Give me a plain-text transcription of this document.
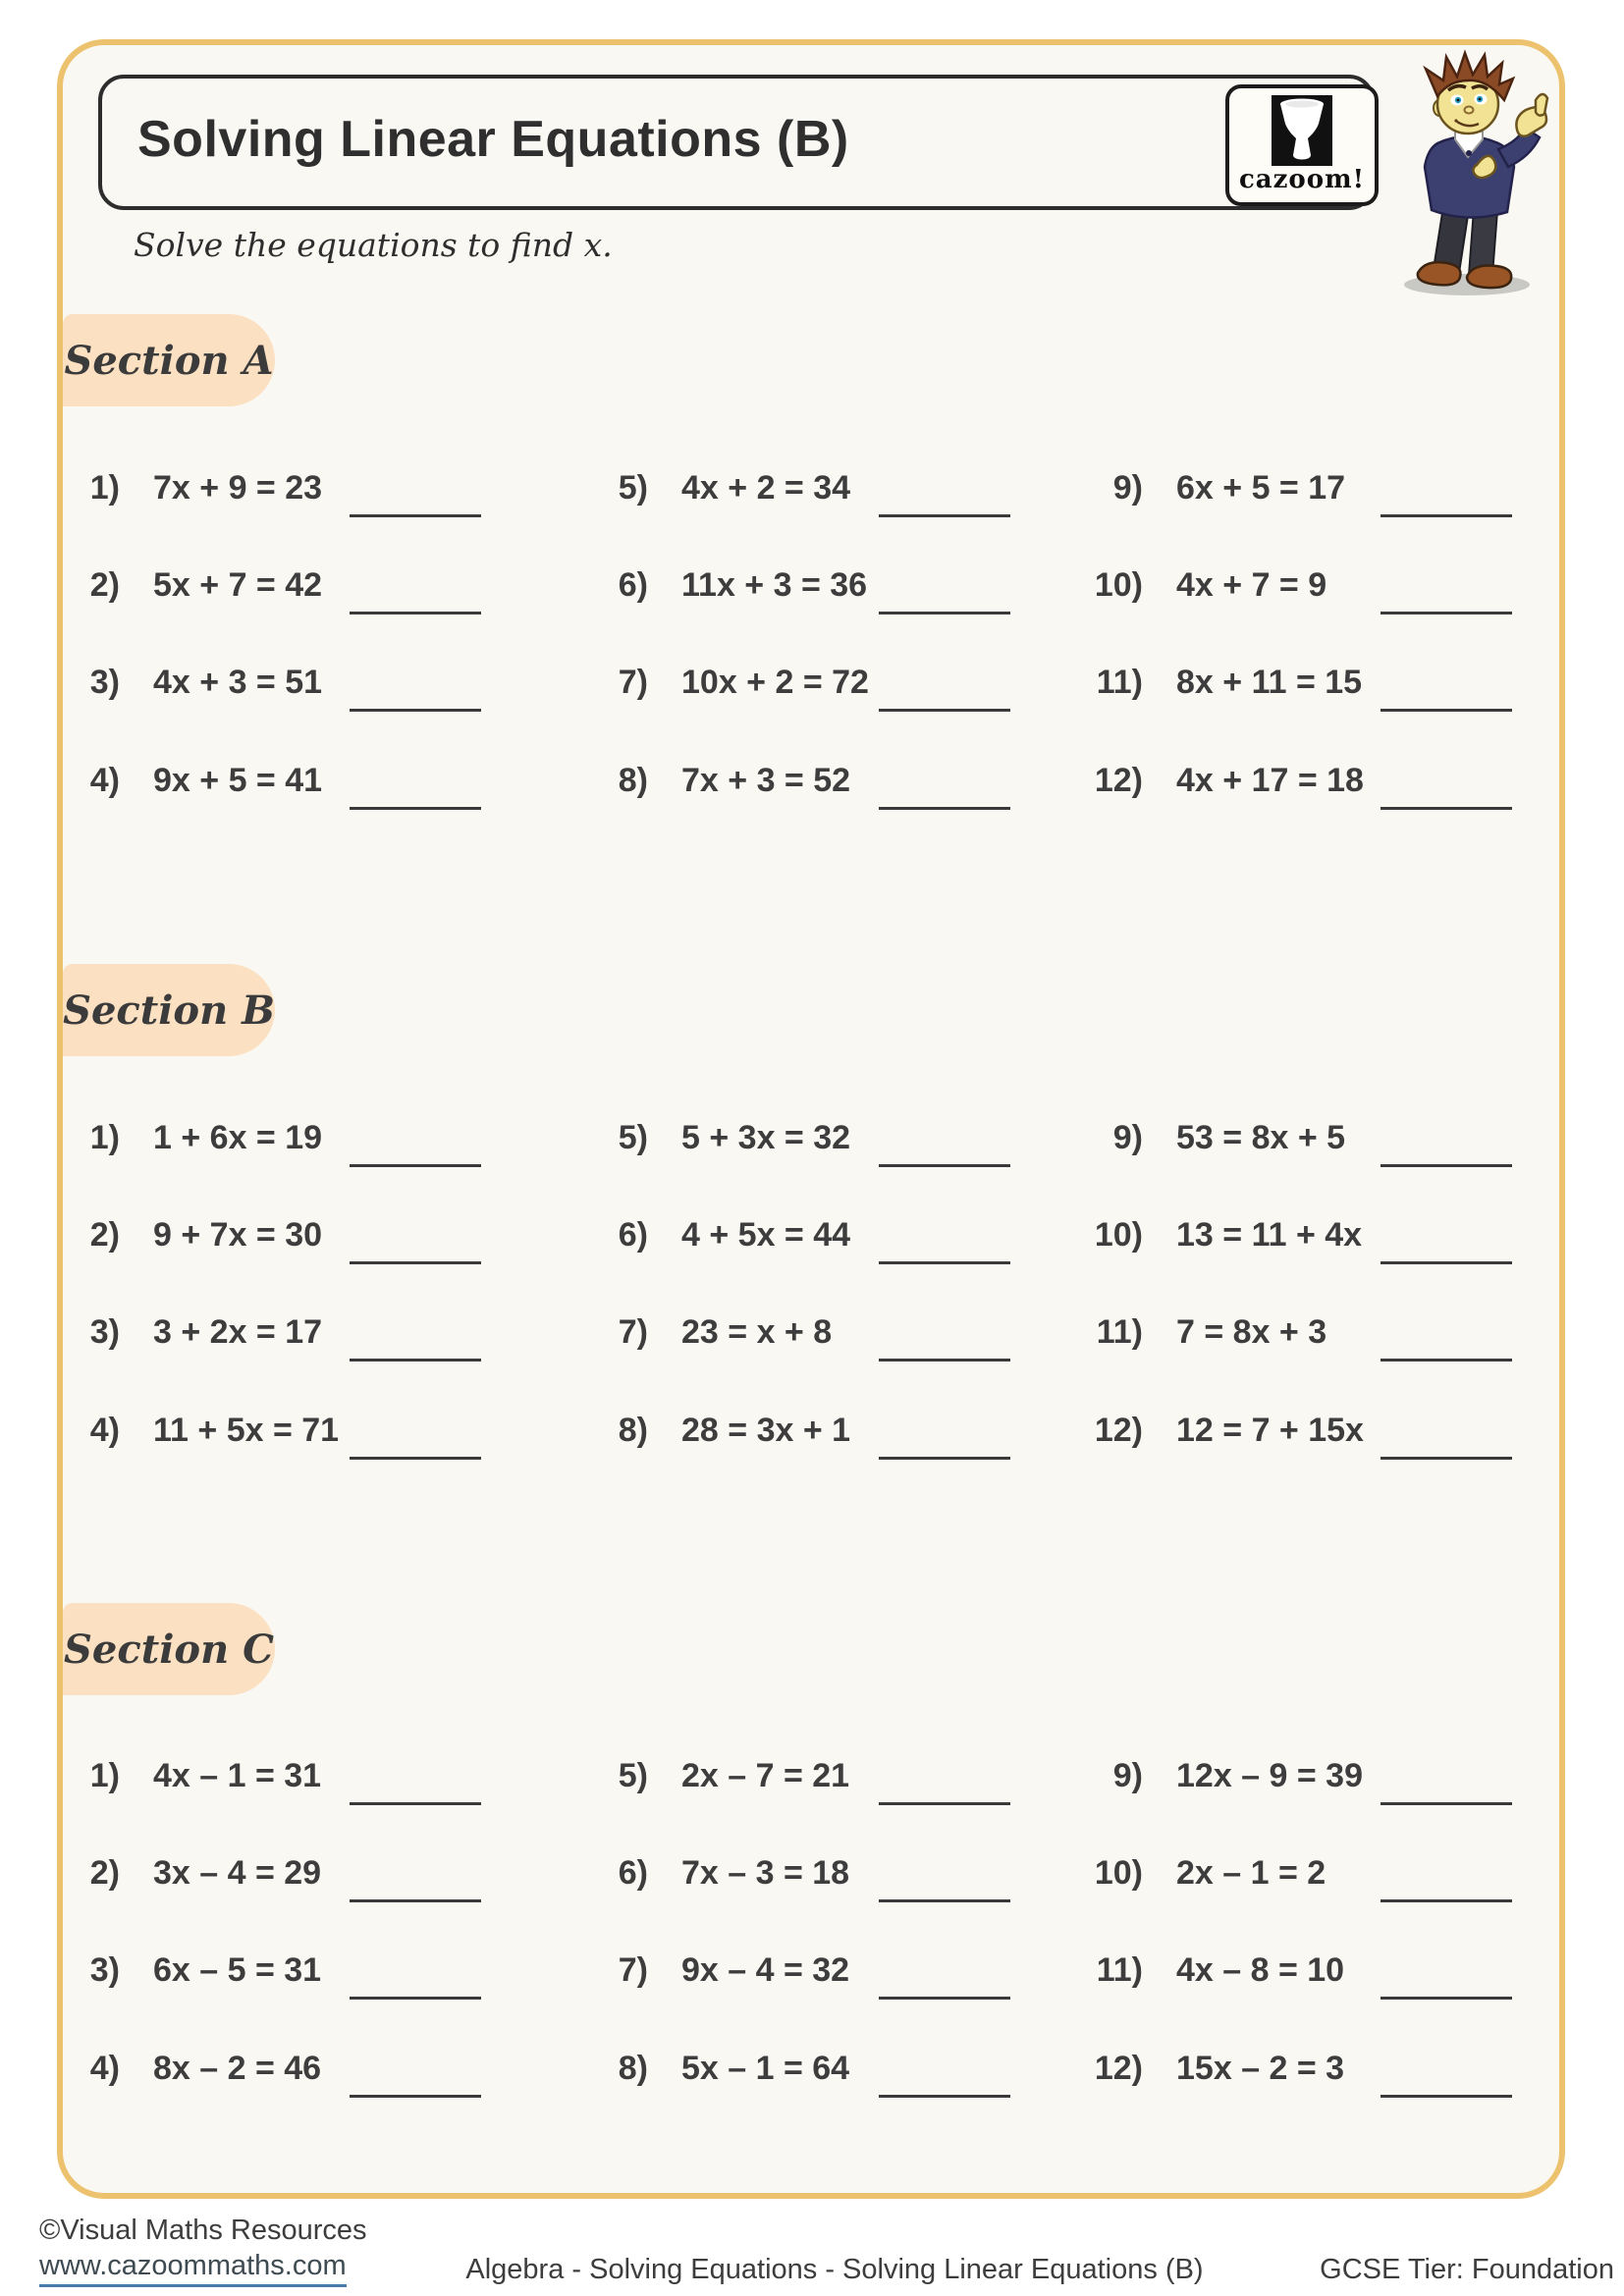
Solving Linear Equations (B)
cazoom!
Solve the equations to find x.
Section A
Section B
Section C
1) 7x + 9 = 23
2) 5x + 7 = 42
3) 4x + 3 = 51
4) 9x + 5 = 41
5) 4x + 2 = 34
6) 11x + 3 = 36
7) 10x + 2 = 72
8) 7x + 3 = 52
9) 6x + 5 = 17
10) 4x + 7 = 9
11) 8x + 11 = 15
12) 4x + 17 = 18
1) 1 + 6x = 19
2) 9 + 7x = 30
3) 3 + 2x = 17
4) 11 + 5x = 71
5) 5 + 3x = 32
6) 4 + 5x = 44
7) 23 = x + 8
8) 28 = 3x + 1
9) 53 = 8x + 5
10) 13 = 11 + 4x
11) 7 = 8x + 3
12) 12 = 7 + 15x
1) 4x – 1 = 31
2) 3x – 4 = 29
3) 6x – 5 = 31
4) 8x – 2 = 46
5) 2x – 7 = 21
6) 7x – 3 = 18
7) 9x – 4 = 32
8) 5x – 1 = 64
9) 12x – 9 = 39
10) 2x – 1 = 2
11) 4x – 8 = 10
12) 15x – 2 = 3
©Visual Maths Resources
www.cazoommaths.com	Algebra - Solving Equations - Solving Linear Equations (B)	GCSE Tier: Foundation
